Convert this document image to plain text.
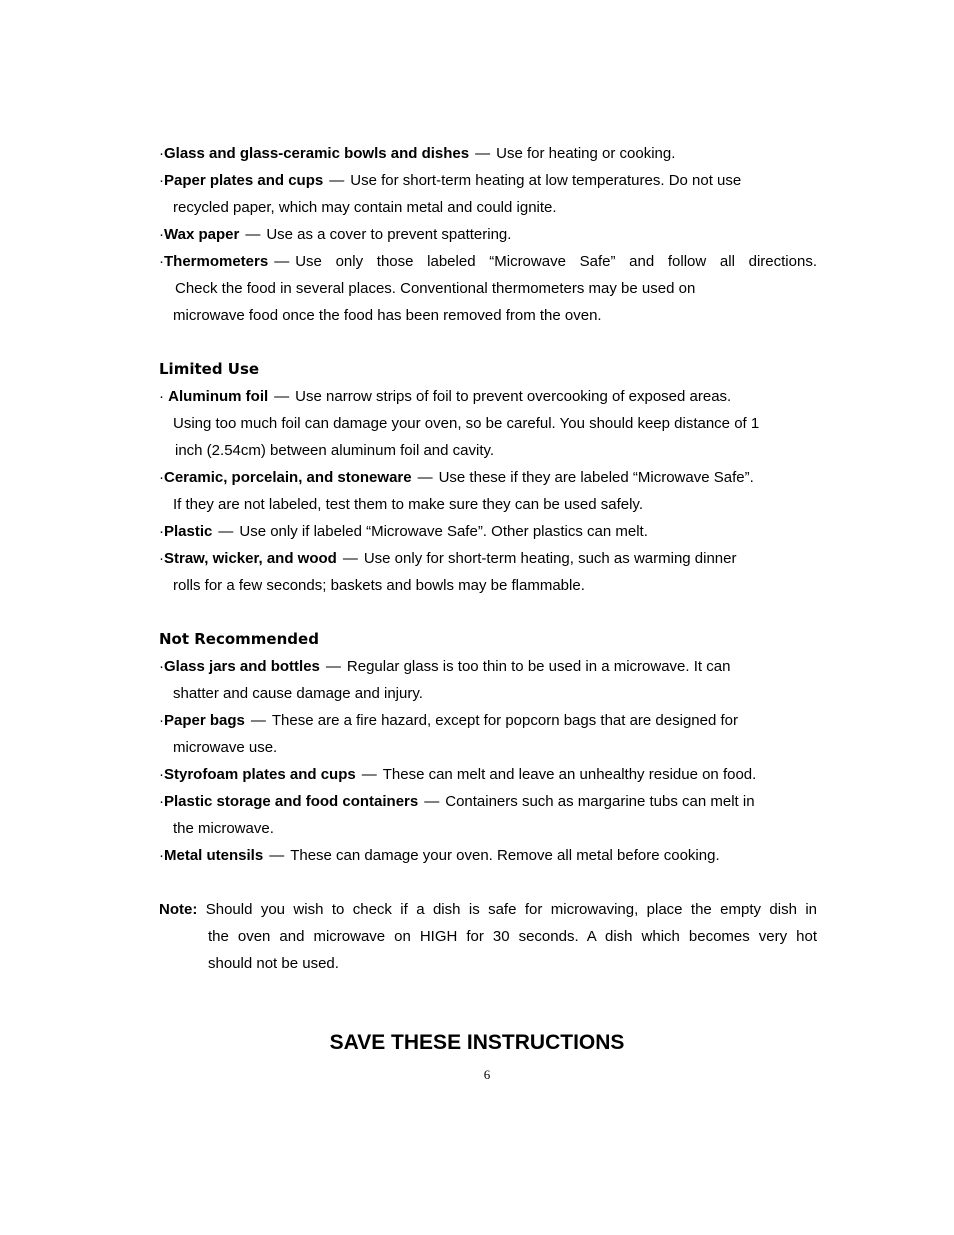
·Glass and glass-ceramic bowls and dishes — Use for heating or cooking.

·Paper plates and cups — Use for short-term heating at low temperatures. Do not use

recycled paper, which may contain metal and could ignite.

·Wax paper — Use as a cover to prevent spattering.

·Thermometers — Use only those labeled “Microwave Safe” and follow all directions.

Check the food in several places. Conventional thermometers may be used on

microwave food once the food has been removed from the oven.

Limited Use

· Aluminum foil — Use narrow strips of foil to prevent overcooking of exposed areas.

Using too much foil can damage your oven, so be careful. You should keep distance of 1

inch (2.54cm) between aluminum foil and cavity.

·Ceramic, porcelain, and stoneware — Use these if they are labeled “Microwave Safe”.

If they are not labeled, test them to make sure they can be used safely.

·Plastic — Use only if labeled “Microwave Safe”. Other plastics can melt.

·Straw, wicker, and wood — Use only for short-term heating, such as warming dinner

rolls for a few seconds; baskets and bowls may be flammable.

Not Recommended

·Glass jars and bottles — Regular glass is too thin to be used in a microwave. It can

shatter and cause damage and injury.

·Paper bags — These are a fire hazard, except for popcorn bags that are designed for

microwave use.

·Styrofoam plates and cups — These can melt and leave an unhealthy residue on food.

·Plastic storage and food containers — Containers such as margarine tubs can melt in

the microwave.

·Metal utensils — These can damage your oven. Remove all metal before cooking.

Note: Should you wish to check if a dish is safe for microwaving, place the empty dish in

the oven and microwave on HIGH for 30 seconds. A dish which becomes very hot

should not be used.

SAVE THESE INSTRUCTIONS
6
